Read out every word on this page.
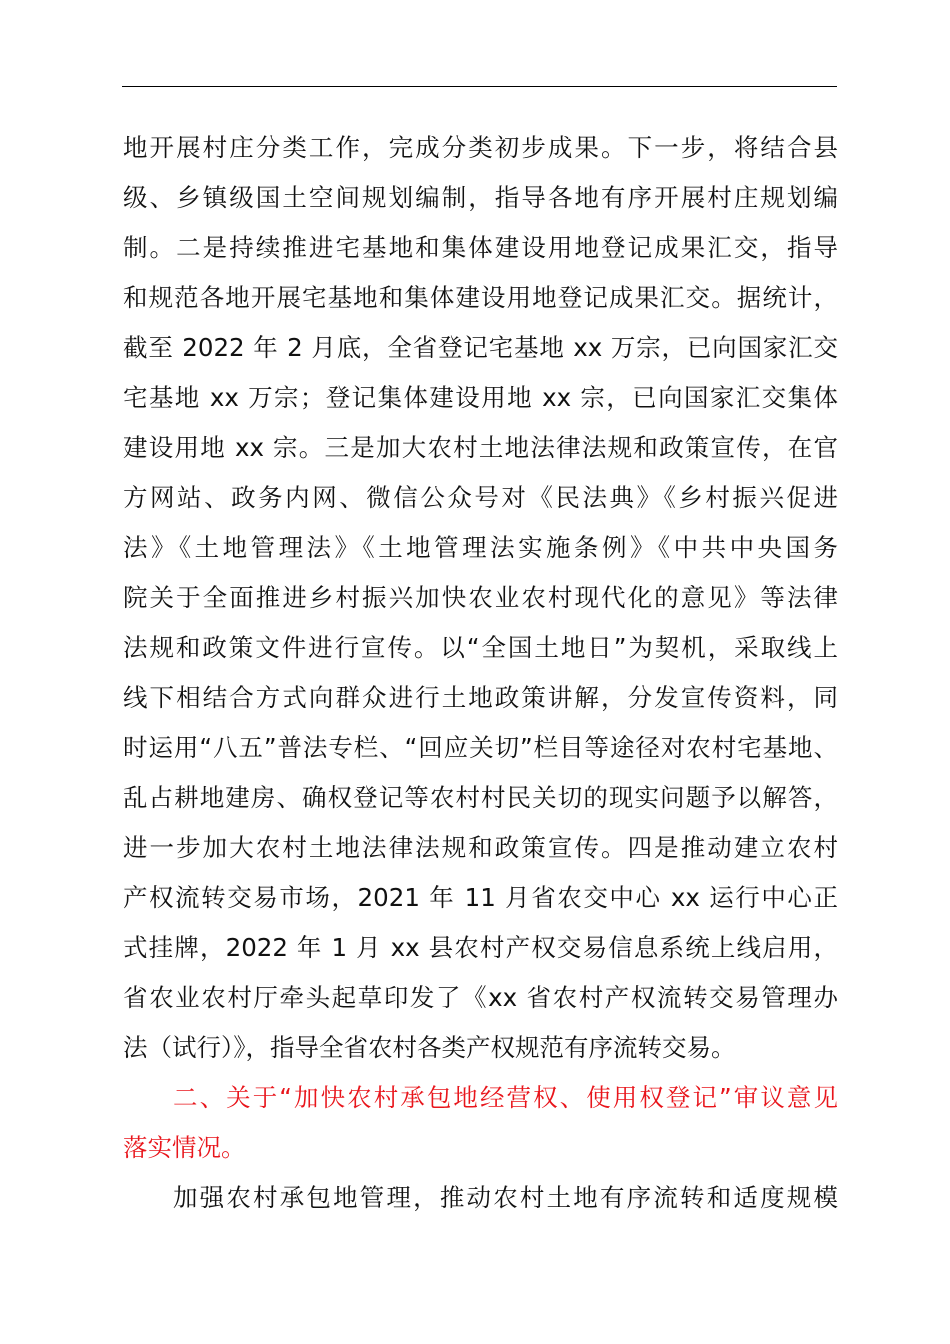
地开展村庄分类工作，完成分类初步成果。下一步，将结合县
级、乡镇级国土空间规划编制，指导各地有序开展村庄规划编
制。二是持续推进宅基地和集体建设用地登记成果汇交，指导
和规范各地开展宅基地和集体建设用地登记成果汇交。据统计，
截至 2022 年 2 月底，全省登记宅基地 xx 万宗，已向国家汇交
宅基地 xx 万宗；登记集体建设用地 xx 宗，已向国家汇交集体
建设用地 xx 宗。三是加大农村土地法律法规和政策宣传，在官
方网站、政务内网、微信公众号对《民法典》《乡村振兴促进
法》《土地管理法》《土地管理法实施条例》《中共中央国务
院关于全面推进乡村振兴加快农业农村现代化的意见》等法律
法规和政策文件进行宣传。以“全国土地日”为契机，采取线上
线下相结合方式向群众进行土地政策讲解，分发宣传资料，同
时运用“八五”普法专栏、“回应关切”栏目等途径对农村宅基地、
乱占耕地建房、确权登记等农村村民关切的现实问题予以解答，
进一步加大农村土地法律法规和政策宣传。四是推动建立农村
产权流转交易市场，2021 年 11 月省农交中心 xx 运行中心正
式挂牌，2022 年 1 月 xx 县农村产权交易信息系统上线启用，
省农业农村厅牵头起草印发了《xx 省农村产权流转交易管理办
法（试行）》，指导全省农村各类产权规范有序流转交易。
二、关于“加快农村承包地经营权、使用权登记”审议意见
落实情况。
加强农村承包地管理，推动农村土地有序流转和适度规模
